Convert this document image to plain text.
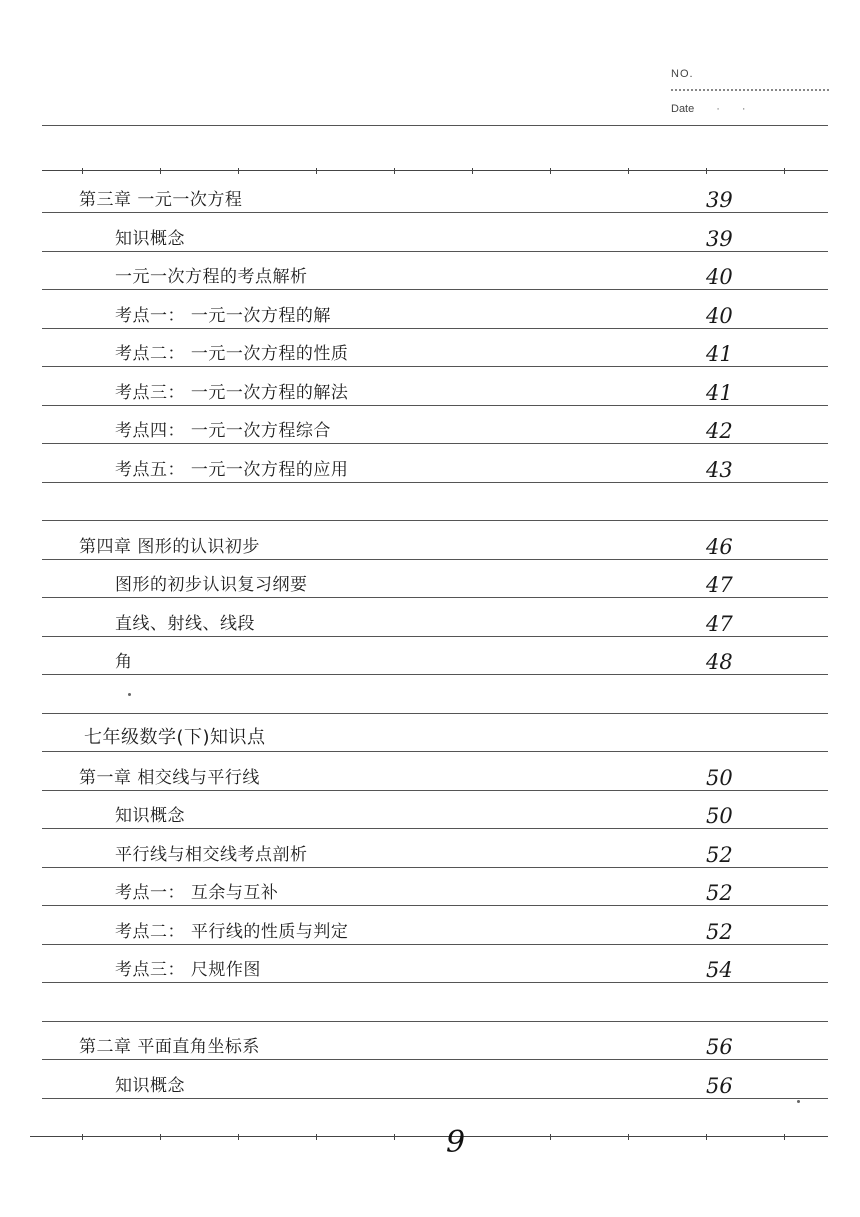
NO.
Date · ·
第三章 一元一次方程	39
知识概念	39
一元一次方程的考点解析	40
考点一： 一元一次方程的解	40
考点二： 一元一次方程的性质	41
考点三： 一元一次方程的解法	41
考点四： 一元一次方程综合	42
考点五： 一元一次方程的应用	43
第四章 图形的认识初步	46
图形的初步认识复习纲要	47
直线、射线、线段	47
角	48
七年级数学(下)知识点
第一章 相交线与平行线	50
知识概念	50
平行线与相交线考点剖析	52
考点一： 互余与互补	52
考点二： 平行线的性质与判定	52
考点三： 尺规作图	54
第二章 平面直角坐标系	56
知识概念	56
9
